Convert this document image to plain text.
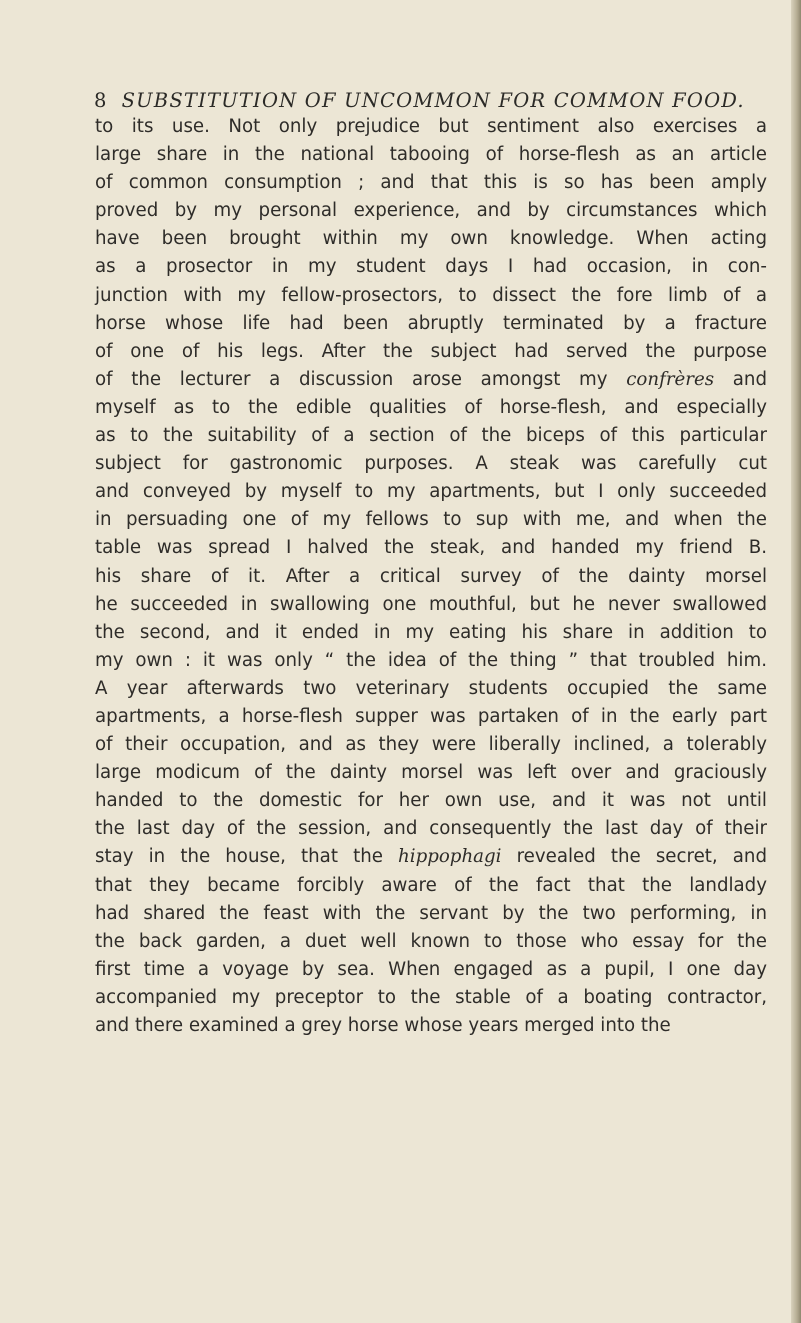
8 SUBSTITUTION OF UNCOMMON FOR COMMON FOOD.
to its use. Not only prejudice but sentiment also exercises a
large share in the national tabooing of horse-flesh as an article
of common consumption ; and that this is so has been amply
proved by my personal experience, and by circumstances which
have been brought within my own knowledge. When acting
as a prosector in my student days I had occasion, in con-
junction with my fellow-prosectors, to dissect the fore limb of a
horse whose life had been abruptly terminated by a fracture
of one of his legs. After the subject had served the purpose
of the lecturer a discussion arose amongst my confrères and
myself as to the edible qualities of horse-flesh, and especially
as to the suitability of a section of the biceps of this particular
subject for gastronomic purposes. A steak was carefully cut
and conveyed by myself to my apartments, but I only succeeded
in persuading one of my fellows to sup with me, and when the
table was spread I halved the steak, and handed my friend B.
his share of it. After a critical survey of the dainty morsel
he succeeded in swallowing one mouthful, but he never swallowed
the second, and it ended in my eating his share in addition to
my own : it was only “ the idea of the thing ” that troubled him.
A year afterwards two veterinary students occupied the same
apartments, a horse-flesh supper was partaken of in the early part
of their occupation, and as they were liberally inclined, a tolerably
large modicum of the dainty morsel was left over and graciously
handed to the domestic for her own use, and it was not until
the last day of the session, and consequently the last day of their
stay in the house, that the hippophagi revealed the secret, and
that they became forcibly aware of the fact that the landlady
had shared the feast with the servant by the two performing, in
the back garden, a duet well known to those who essay for the
first time a voyage by sea. When engaged as a pupil, I one day
accompanied my preceptor to the stable of a boating contractor,
and there examined a grey horse whose years merged into the
